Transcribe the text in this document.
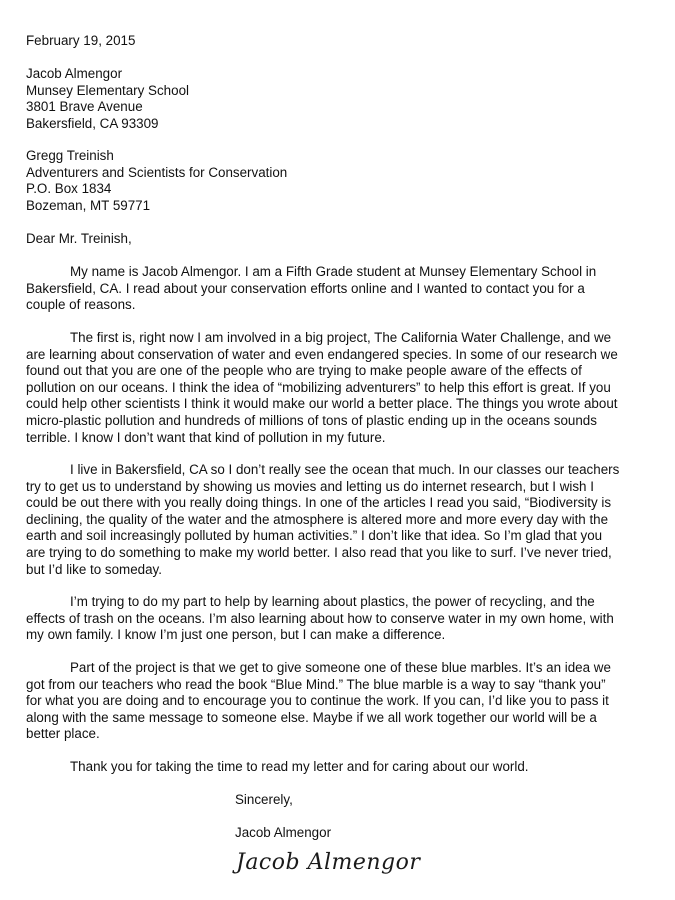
February 19, 2015

Jacob Almengor
Munsey Elementary School
3801 Brave Avenue
Bakersfield, CA 93309
Gregg Treinish
Adventurers and Scientists for Conservation
P.O. Box 1834
Bozeman, MT 59771

Dear Mr. Treinish,

My name is Jacob Almengor. I am a Fifth Grade student at Munsey Elementary School in
Bakersfield, CA. I read about your conservation efforts online and I wanted to contact you for a
couple of reasons.
The first is, right now I am involved in a big project, The California Water Challenge, and we
are learning about conservation of water and even endangered species. In some of our research we
found out that you are one of the people who are trying to make people aware of the effects of
pollution on our oceans. I think the idea of “mobilizing adventurers” to help this effort is great. If you
could help other scientists I think it would make our world a better place. The things you wrote about
micro-plastic pollution and hundreds of millions of tons of plastic ending up in the oceans sounds
terrible. I know I don’t want that kind of pollution in my future.
I live in Bakersfield, CA so I don’t really see the ocean that much. In our classes our teachers
try to get us to understand by showing us movies and letting us do internet research, but I wish I
could be out there with you really doing things. In one of the articles I read you said, “Biodiversity is
declining, the quality of the water and the atmosphere is altered more and more every day with the
earth and soil increasingly polluted by human activities.” I don’t like that idea. So I’m glad that you
are trying to do something to make my world better. I also read that you like to surf. I’ve never tried,
but I’d like to someday.
I’m trying to do my part to help by learning about plastics, the power of recycling, and the
effects of trash on the oceans. I’m also learning about how to conserve water in my own home, with
my own family. I know I’m just one person, but I can make a difference.
Part of the project is that we get to give someone one of these blue marbles. It’s an idea we
got from our teachers who read the book “Blue Mind.” The blue marble is a way to say “thank you”
for what you are doing and to encourage you to continue the work. If you can, I’d like you to pass it
along with the same message to someone else. Maybe if we all work together our world will be a
better place.
Thank you for taking the time to read my letter and for caring about our world.

Sincerely,

Jacob Almengor

Jacob Almengor
